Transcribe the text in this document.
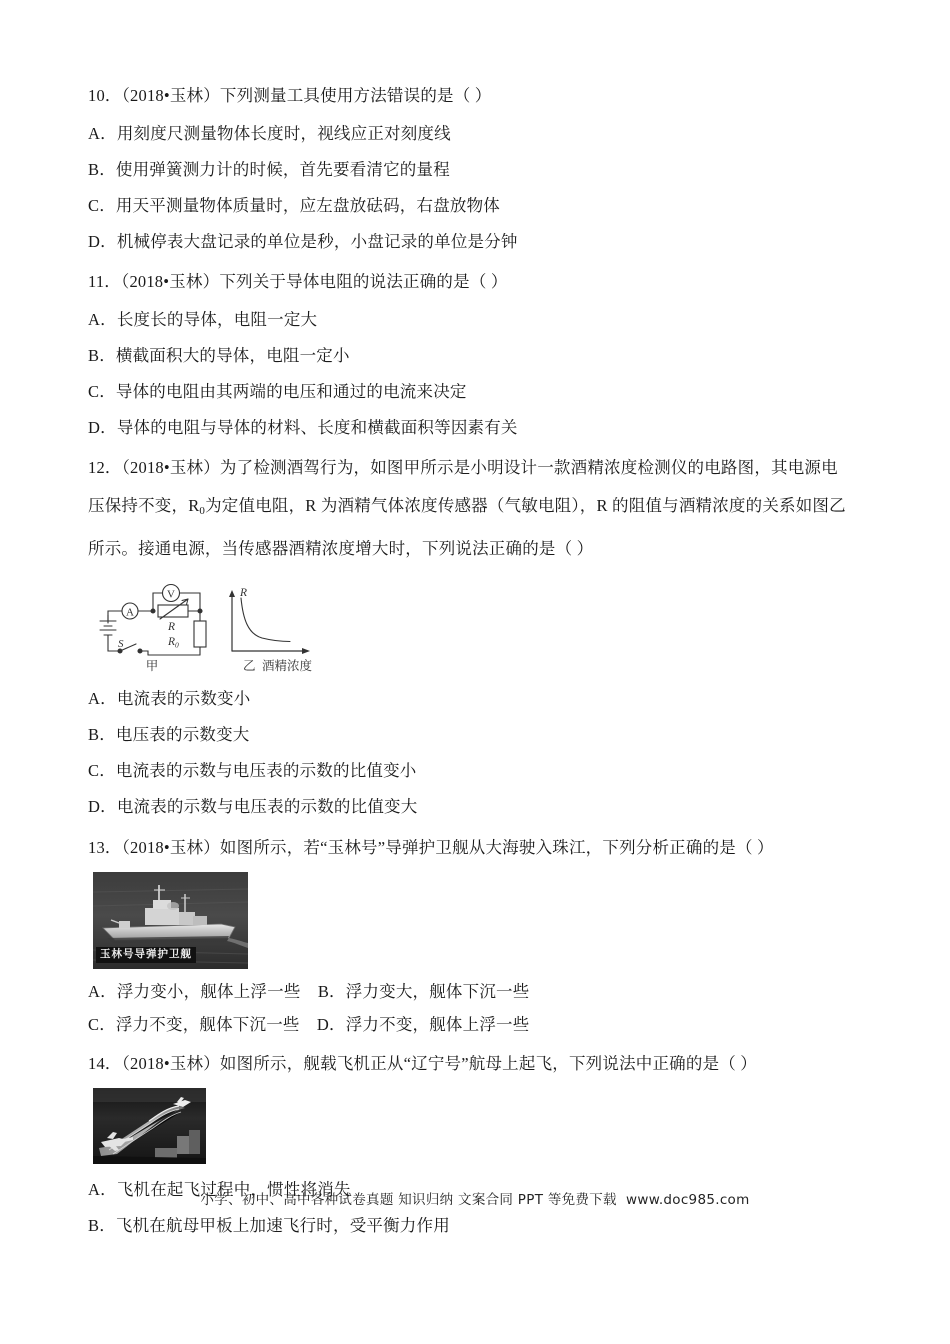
10．（2018•玉林）下列测量工具使用方法错误的是（ ）

A．用刻度尺测量物体长度时，视线应正对刻度线

B．使用弹簧测力计的时候，首先要看清它的量程

C．用天平测量物体质量时，应左盘放砝码，右盘放物体

D．机械停表大盘记录的单位是秒，小盘记录的单位是分钟

11．（2018•玉林）下列关于导体电阻的说法正确的是（ ）

A．长度长的导体，电阻一定大

B．横截面积大的导体，电阻一定小

C．导体的电阻由其两端的电压和通过的电流来决定

D．导体的电阻与导体的材料、长度和横截面积等因素有关

12．（2018•玉林）为了检测酒驾行为，如图甲所示是小明设计一款酒精浓度检测仪的电路图，其电源电

压保持不变，$R_0$为定值电阻，R 为酒精气体浓度传感器（气敏电阻），R 的阻值与酒精浓度的关系如图乙

所示。接通电源，当传感器酒精浓度增大时，下列说法正确的是（ ）

A
V
S
R
$R_0$
甲
R
乙 酒精浓度

A．电流表的示数变小

B．电压表的示数变大

C．电流表的示数与电压表的示数的比值变小

D．电流表的示数与电压表的示数的比值变大

13．（2018•玉林）如图所示，若“玉林号”导弹护卫舰从大海驶入珠江，下列分析正确的是（ ）

玉林号导弹护卫舰

A．浮力变小，舰体上浮一些    B．浮力变大，舰体下沉一些

C．浮力不变，舰体下沉一些    D．浮力不变，舰体上浮一些

14．（2018•玉林）如图所示，舰载飞机正从“辽宁号”航母上起飞，下列说法中正确的是（ ）

A．飞机在起飞过程中，惯性将消失

B．飞机在航母甲板上加速飞行时，受平衡力作用

小学、初中、高中各种试卷真题 知识归纳 文案合同 PPT 等免费下载 www.doc985.com
